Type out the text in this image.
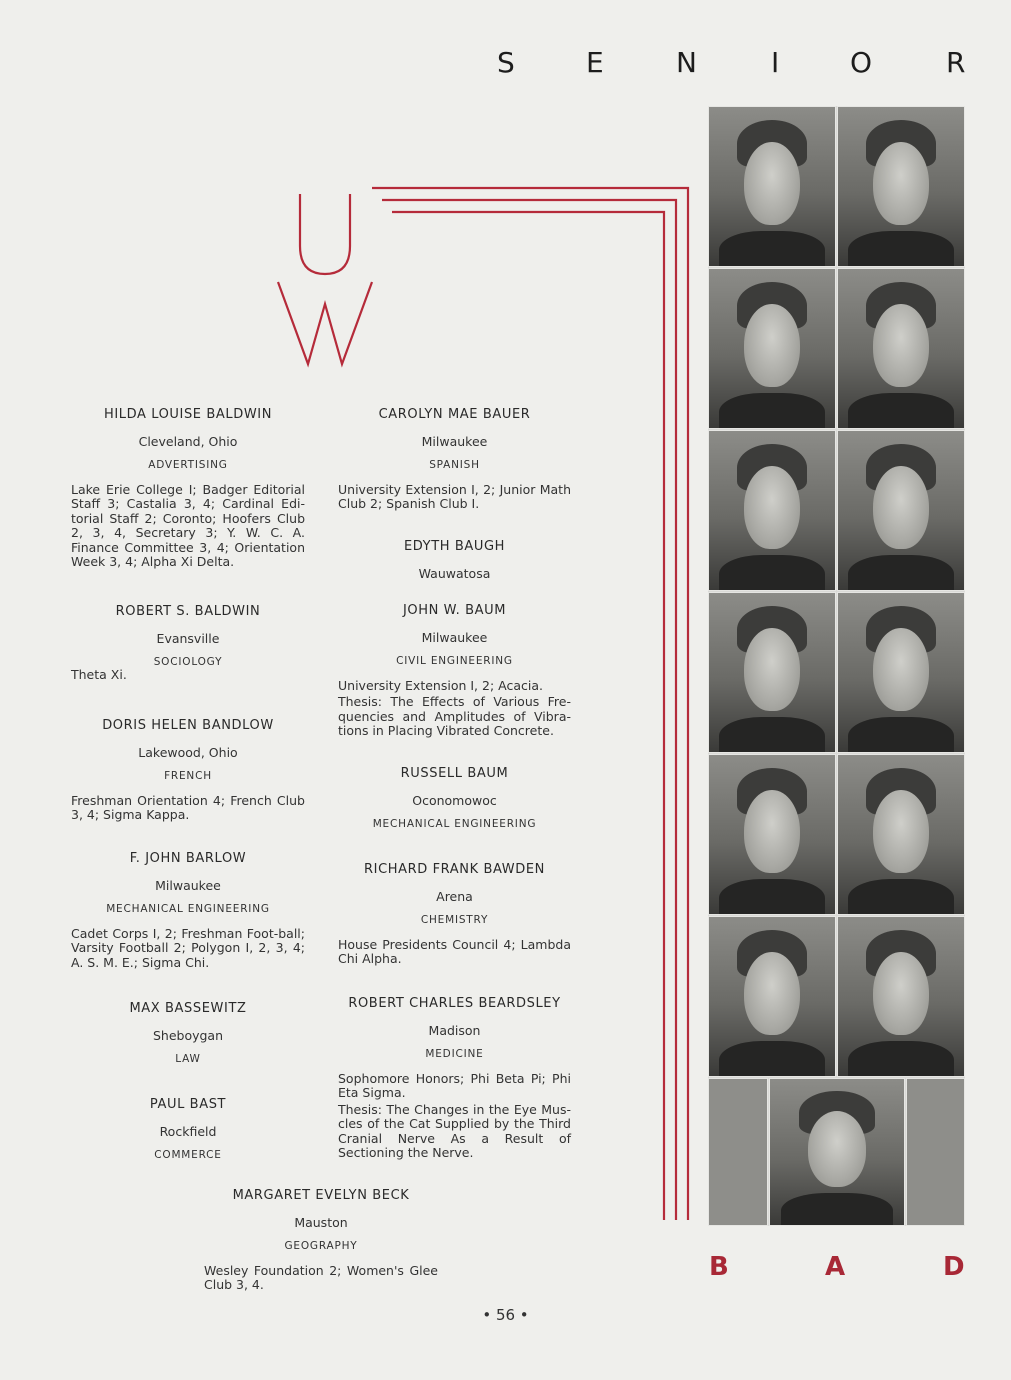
S	E	N	I	O	R
HILDA LOUISE BALDWIN
Cleveland, Ohio
ADVERTISING
Lake Erie College I; Badger Editorial Staff 3; Castalia 3, 4; Cardinal Edi-torial Staff 2; Coronto; Hoofers Club 2, 3, 4, Secretary 3; Y. W. C. A. Finance Committee 3, 4; Orientation Week 3, 4; Alpha Xi Delta.
ROBERT S. BALDWIN
Evansville
SOCIOLOGY
Theta Xi.
DORIS HELEN BANDLOW
Lakewood, Ohio
FRENCH
Freshman Orientation 4; French Club 3, 4; Sigma Kappa.
F. JOHN BARLOW
Milwaukee
MECHANICAL ENGINEERING
Cadet Corps I, 2; Freshman Foot-ball; Varsity Football 2; Polygon I, 2, 3, 4; A. S. M. E.; Sigma Chi.
MAX BASSEWITZ
Sheboygan
LAW
PAUL BAST
Rockfield
COMMERCE
CAROLYN MAE BAUER
Milwaukee
SPANISH
University Extension I, 2; Junior Math Club 2; Spanish Club I.
EDYTH BAUGH
Wauwatosa
JOHN W. BAUM
Milwaukee
CIVIL ENGINEERING
University Extension I, 2; Acacia.
Thesis: The Effects of Various Fre-quencies and Amplitudes of Vibra-tions in Placing Vibrated Concrete.
RUSSELL BAUM
Oconomowoc
MECHANICAL ENGINEERING
RICHARD FRANK BAWDEN
Arena
CHEMISTRY
House Presidents Council 4; Lambda Chi Alpha.
ROBERT CHARLES BEARDSLEY
Madison
MEDICINE
Sophomore Honors; Phi Beta Pi; Phi Eta Sigma.
Thesis: The Changes in the Eye Mus-cles of the Cat Supplied by the Third Cranial Nerve As a Result of Sectioning the Nerve.
MARGARET EVELYN BECK
Mauston
GEOGRAPHY
Wesley Foundation 2; Women's Glee Club 3, 4.
B	A	D
• 56 •
